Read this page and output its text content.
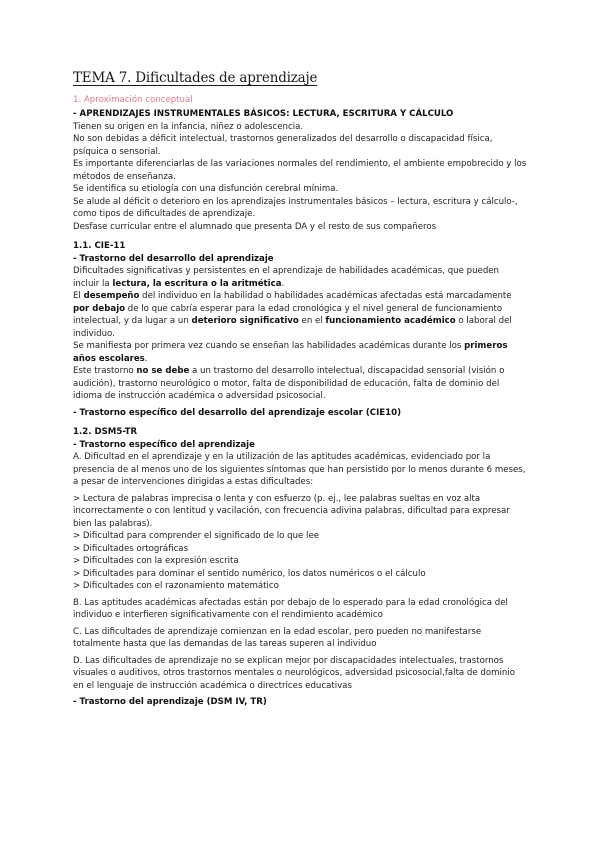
TEMA 7. Dificultades de aprendizaje
1. Aproximación conceptual
- APRENDIZAJES INSTRUMENTALES BÁSICOS: LECTURA, ESCRITURA Y CÁLCULO
Tienen su origen en la infancia, niñez o adolescencia.
No son debidas a déficit intelectual, trastornos generalizados del desarrollo o discapacidad física, psíquica o sensorial.
Es importante diferenciarlas de las variaciones normales del rendimiento, el ambiente empobrecido y los métodos de enseñanza.
Se identifica su etiología con una disfunción cerebral mínima.
Se alude al déficit o deterioro en los aprendizajes instrumentales básicos – lectura, escritura y cálculo-, como tipos de dificultades de aprendizaje.
Desfase curricular entre el alumnado que presenta DA y el resto de sus compañeros
1.1. CIE-11
- Trastorno del desarrollo del aprendizaje
Dificultades significativas y persistentes en el aprendizaje de habilidades académicas, que pueden incluir la lectura, la escritura o la aritmética.
El desempeño del individuo en la habilidad o habilidades académicas afectadas está marcadamente por debajo de lo que cabría esperar para la edad cronológica y el nivel general de funcionamiento intelectual, y da lugar a un deterioro significativo en el funcionamiento académico o laboral del individuo.
Se manifiesta por primera vez cuando se enseñan las habilidades académicas durante los primeros años escolares.
Este trastorno no se debe a un trastorno del desarrollo intelectual, discapacidad sensorial (visión o audición), trastorno neurológico o motor, falta de disponibilidad de educación, falta de dominio del idioma de instrucción académica o adversidad psicosocial.
- Trastorno específico del desarrollo del aprendizaje escolar (CIE10)
1.2. DSM5-TR
- Trastorno específico del aprendizaje
A. Dificultad en el aprendizaje y en la utilización de las aptitudes académicas, evidenciado por la presencia de al menos uno de los siguientes síntomas que han persistido por lo menos durante 6 meses, a pesar de intervenciones dirigidas a estas dificultades:
> Lectura de palabras imprecisa o lenta y con esfuerzo (p. ej., lee palabras sueltas en voz alta incorrectamente o con lentitud y vacilación, con frecuencia adivina palabras, dificultad para expresar bien las palabras).
> Dificultad para comprender el significado de lo que lee
> Dificultades ortográficas
> Dificultades con la expresión escrita
> Dificultades para dominar el sentido numérico, los datos numéricos o el cálculo
> Dificultades con el razonamiento matemático
B. Las aptitudes académicas afectadas están por debajo de lo esperado para la edad cronológica del individuo e interfieren significativamente con el rendimiento académico
C. Las dificultades de aprendizaje comienzan en la edad escolar, pero pueden no manifestarse totalmente hasta que las demandas de las tareas superen al individuo
D. Las dificultades de aprendizaje no se explican mejor por discapacidades intelectuales, trastornos visuales o auditivos, otros trastornos mentales o neurológicos, adversidad psicosocial,falta de dominio en el lenguaje de instrucción académica o directrices educativas
- Trastorno del aprendizaje (DSM IV, TR)
